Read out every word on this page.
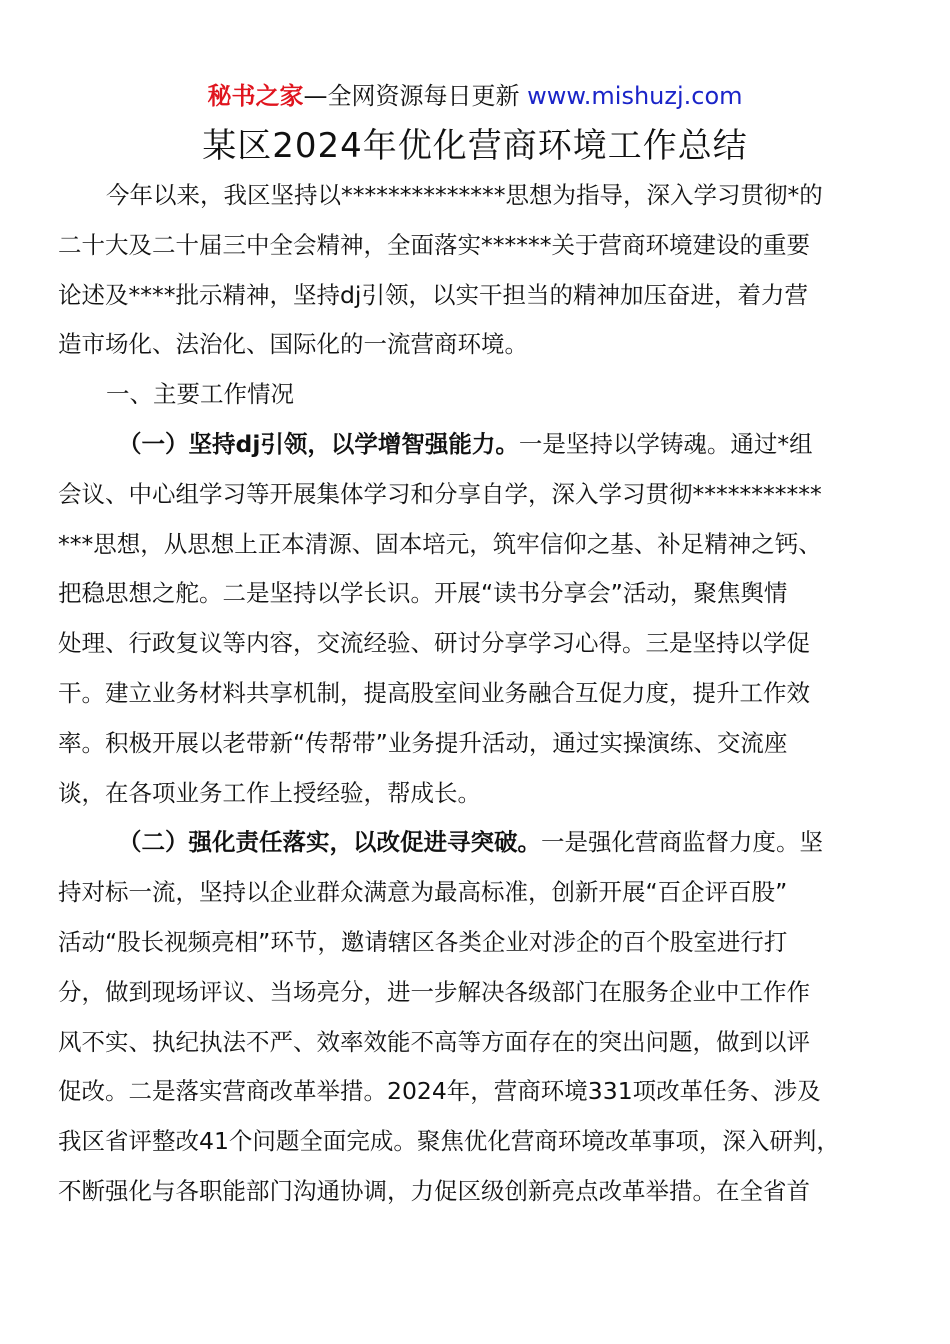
秘书之家—全网资源每日更新 www.mishuzj.com
某区2024年优化营商环境工作总结
今年以来，我区坚持以**************思想为指导，深入学习贯彻*的
二十大及二十届三中全会精神，全面落实******关于营商环境建设的重要
论述及****批示精神，坚持dj引领，以实干担当的精神加压奋进，着力营
造市场化、法治化、国际化的一流营商环境。
一、主要工作情况
（一）坚持dj引领，以学增智强能力。一是坚持以学铸魂。通过*组
会议、中心组学习等开展集体学习和分享自学，深入学习贯彻***********
***思想，从思想上正本清源、固本培元，筑牢信仰之基、补足精神之钙、
把稳思想之舵。二是坚持以学长识。开展“读书分享会”活动，聚焦舆情
处理、行政复议等内容，交流经验、研讨分享学习心得。三是坚持以学促
干。建立业务材料共享机制，提高股室间业务融合互促力度，提升工作效
率。积极开展以老带新“传帮带”业务提升活动，通过实操演练、交流座
谈，在各项业务工作上授经验，帮成长。
（二）强化责任落实，以改促进寻突破。一是强化营商监督力度。坚
持对标一流，坚持以企业群众满意为最高标准，创新开展“百企评百股”
活动“股长视频亮相”环节，邀请辖区各类企业对涉企的百个股室进行打
分，做到现场评议、当场亮分，进一步解决各级部门在服务企业中工作作
风不实、执纪执法不严、效率效能不高等方面存在的突出问题，做到以评
促改。二是落实营商改革举措。2024年，营商环境331项改革任务、涉及
我区省评整改41个问题全面完成。聚焦优化营商环境改革事项，深入研判，
不断强化与各职能部门沟通协调，力促区级创新亮点改革举措。在全省首
